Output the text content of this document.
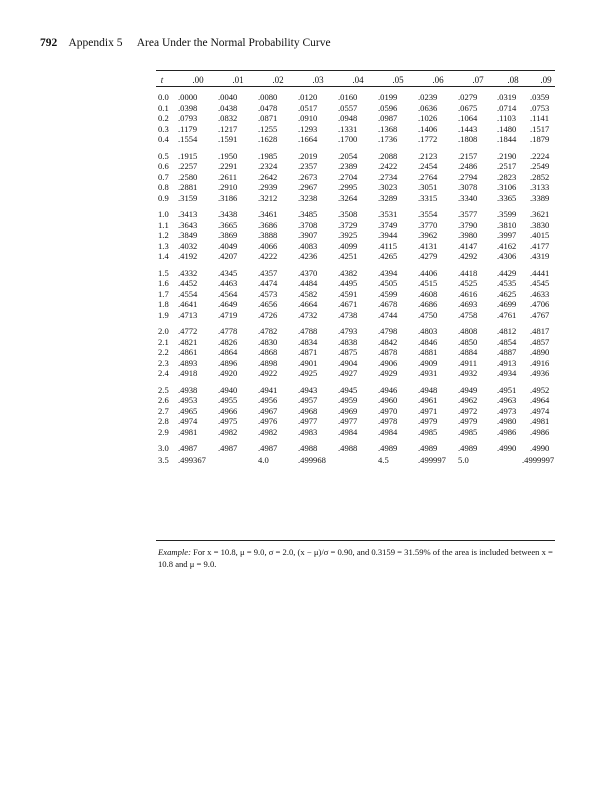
792 Appendix 5 Area Under the Normal Probability Curve
t	.00	.01	.02	.03	.04	.05	.06	.07	.08	.09
0.0 .0000 .0040 .0080 .0120 .0160 .0199 .0239 .0279 .0319 .0359
0.1 .0398 .0438 .0478 .0517 .0557 .0596 .0636 .0675 .0714 .0753
0.2 .0793 .0832 .0871 .0910 .0948 .0987 .1026 .1064 .1103 .1141
0.3 .1179 .1217 .1255 .1293 .1331 .1368 .1406 .1443 .1480 .1517
0.4 .1554 .1591 .1628 .1664 .1700 .1736 .1772 .1808 .1844 .1879
0.5 .1915 .1950 .1985 .2019 .2054 .2088 .2123 .2157 .2190 .2224
0.6 .2257 .2291 .2324 .2357 .2389 .2422 .2454 .2486 .2517 .2549
0.7 .2580 .2611 .2642 .2673 .2704 .2734 .2764 .2794 .2823 .2852
0.8 .2881 .2910 .2939 .2967 .2995 .3023 .3051 .3078 .3106 .3133
0.9 .3159 .3186 .3212 .3238 .3264 .3289 .3315 .3340 .3365 .3389
1.0 .3413 .3438 .3461 .3485 .3508 .3531 .3554 .3577 .3599 .3621
1.1 .3643 .3665 .3686 .3708 .3729 .3749 .3770 .3790 .3810 .3830
1.2 .3849 .3869 .3888 .3907 .3925 .3944 .3962 .3980 .3997 .4015
1.3 .4032 .4049 .4066 .4083 .4099 .4115 .4131 .4147 .4162 .4177
1.4 .4192 .4207 .4222 .4236 .4251 .4265 .4279 .4292 .4306 .4319
1.5 .4332 .4345 .4357 .4370 .4382 .4394 .4406 .4418 .4429 .4441
1.6 .4452 .4463 .4474 .4484 .4495 .4505 .4515 .4525 .4535 .4545
1.7 .4554 .4564 .4573 .4582 .4591 .4599 .4608 .4616 .4625 .4633
1.8 .4641 .4649 .4656 .4664 .4671 .4678 .4686 .4693 .4699 .4706
1.9 .4713 .4719 .4726 .4732 .4738 .4744 .4750 .4758 .4761 .4767
2.0 .4772 .4778 .4782 .4788 .4793 .4798 .4803 .4808 .4812 .4817
2.1 .4821 .4826 .4830 .4834 .4838 .4842 .4846 .4850 .4854 .4857
2.2 .4861 .4864 .4868 .4871 .4875 .4878 .4881 .4884 .4887 .4890
2.3 .4893 .4896 .4898 .4901 .4904 .4906 .4909 .4911 .4913 .4916
2.4 .4918 .4920 .4922 .4925 .4927 .4929 .4931 .4932 .4934 .4936
2.5 .4938 .4940 .4941 .4943 .4945 .4946 .4948 .4949 .4951 .4952
2.6 .4953 .4955 .4956 .4957 .4959 .4960 .4961 .4962 .4963 .4964
2.7 .4965 .4966 .4967 .4968 .4969 .4970 .4971 .4972 .4973 .4974
2.8 .4974 .4975 .4976 .4977 .4977 .4978 .4979 .4979 .4980 .4981
2.9 .4981 .4982 .4982 .4983 .4984 .4984 .4985 .4985 .4986 .4986
3.0 .4987 .4987 .4987 .4988 .4988 .4989 .4989 .4989 .4990 .4990
3.5 .499367	4.0	.499968	4.5	.499997 5.0	.4999997
Example: For x = 10.8, μ = 9.0, σ = 2.0, (x − μ)/σ = 0.90, and 0.3159 = 31.59% of the area is included between x = 10.8 and μ = 9.0.
